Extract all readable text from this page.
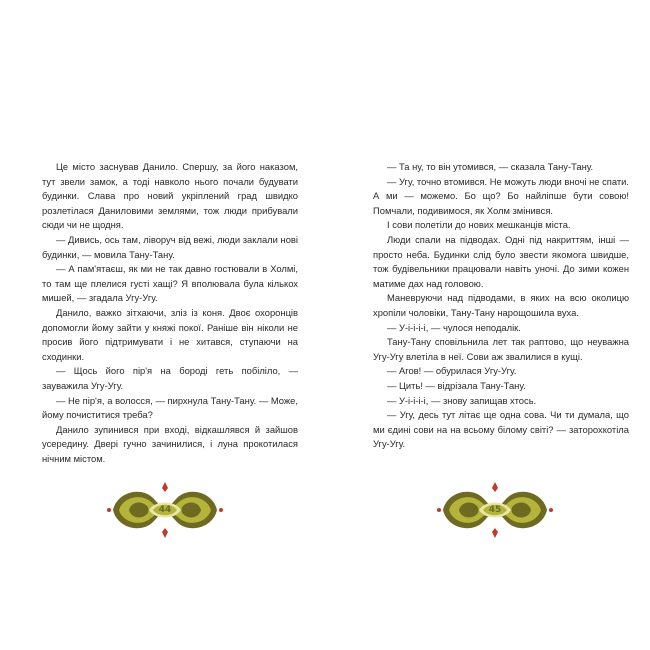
Це місто заснував Данило. Спершу, за його наказом, тут звели замок, а тоді навколо нього почали будувати будинки. Слава про новий укріплений град швидко розлетілася Даниловими землями, тож люди прибували сюди чи не щодня.

— Дивись, ось там, ліворуч від вежі, люди заклали нові будинки, — мовила Тану-Тану.

— А пам'ятаєш, як ми не так давно гостювали в Холмі, то там ще плелися густі хащі? Я вполювала була кількох мишей, — згадала Угу-Угу.

Данило, важко зітхаючи, зліз із коня. Двоє охоронців допомогли йому зайти у княжі покої. Раніше він ніколи не просив його підтримувати і не хитався, ступаючи на сходинки.

— Щось його пір'я на бороді геть побіліло, — зауважила Угу-Угу.

— Не пір'я, а волосся, — пирхнула Тану-Тану. — Може, йому почиститися треба?

Данило зупинився при вході, відкашлявся й зайшов усередину. Двері гучно зачинилися, і луна прокотилася нічним містом.

— Та ну, то він утомився, — сказала Тану-Тану.

— Угу, точно втомився. Не можуть люди вночі не спати. А ми — можемо. Бо що? Бо найліпше бути совою! Помчали, подивимося, як Холм змінився.

І сови полетіли до нових мешканців міста.

Люди спали на підводах. Одні під накриттям, інші — просто неба. Будинки слід було звести якомога швидше, тож будівельники працювали навіть уночі. До зими кожен матиме дах над головою.

Маневруючи над підводами, в яких на всю околицю хропіли чоловіки, Тану-Тану нарощошила вуха.

— У-і-і-і-і, — чулося неподалік.

Тану-Тану сповільнила лет так раптово, що неуважна Угу-Угу влетіла в неї. Сови аж звалилися в кущі.

— Агов! — обурилася Угу-Угу.

— Цить! — відрізала Тану-Тану.

— У-і-і-і-і, — знову запищав хтось.

— Угу, десь тут літає ще одна сова. Чи ти думала, що ми єдині сови на на всьому білому світі? — заторохкотіла Угу-Угу.

44	45
